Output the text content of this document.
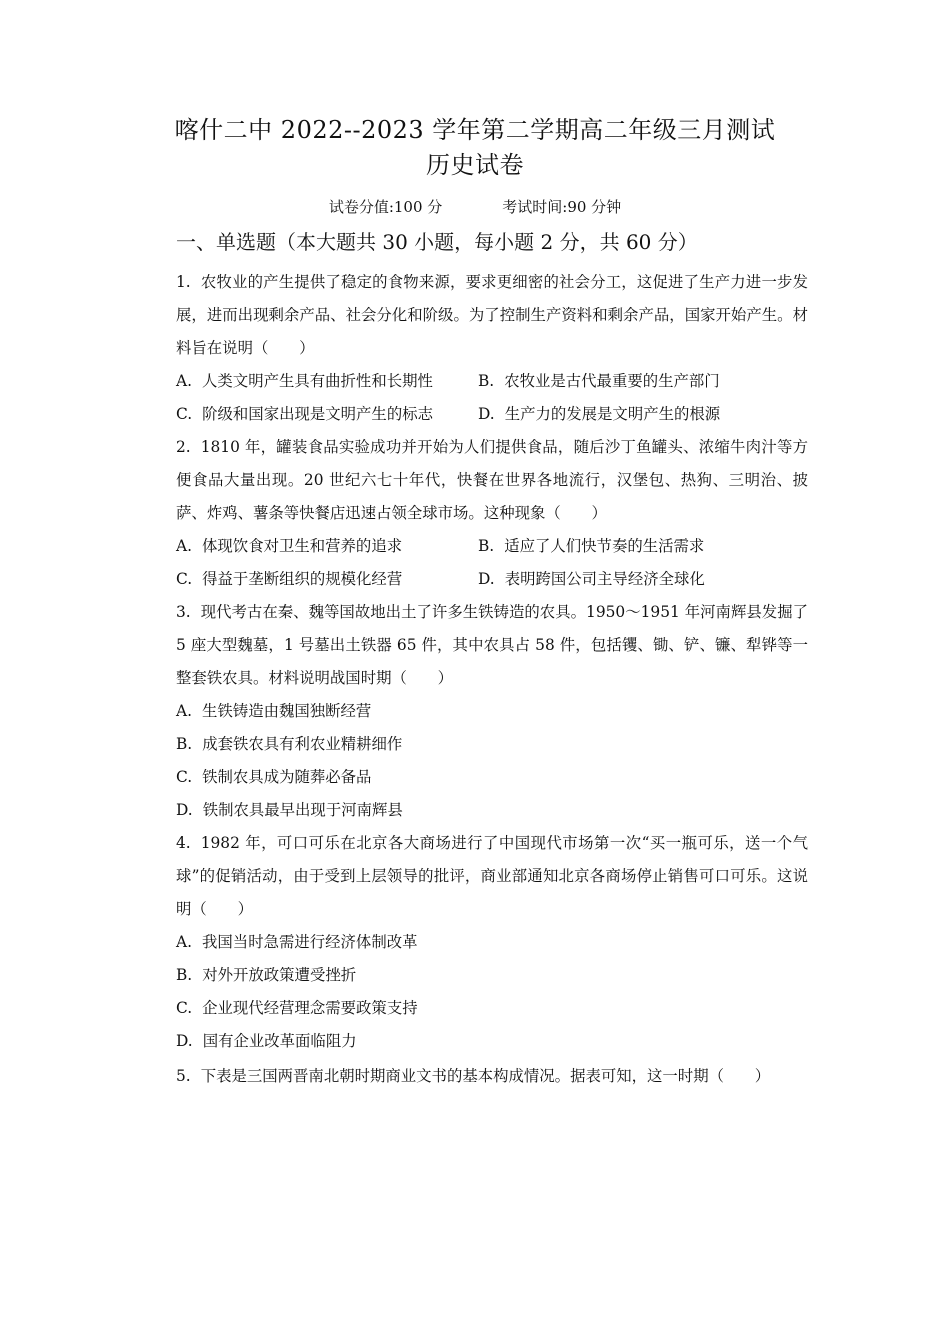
喀什二中 2022--2023 学年第二学期高二年级三月测试
历史试卷
试卷分值:100 分	考试时间:90 分钟
一、单选题（本大题共 30 小题，每小题 2 分，共 60 分）
1. 农牧业的产生提供了稳定的食物来源，要求更细密的社会分工，这促进了生产力进一步发展，进而出现剩余产品、社会分化和阶级。为了控制生产资料和剩余产品，国家开始产生。材料旨在说明（　　）
A. 人类文明产生具有曲折性和长期性	B. 农牧业是古代最重要的生产部门
C. 阶级和国家出现是文明产生的标志	D. 生产力的发展是文明产生的根源
2. 1810 年，罐装食品实验成功并开始为人们提供食品，随后沙丁鱼罐头、浓缩牛肉汁等方便食品大量出现。20 世纪六七十年代，快餐在世界各地流行，汉堡包、热狗、三明治、披萨、炸鸡、薯条等快餐店迅速占领全球市场。这种现象（　　）
A. 体现饮食对卫生和营养的追求	B. 适应了人们快节奏的生活需求
C. 得益于垄断组织的规模化经营	D. 表明跨国公司主导经济全球化
3. 现代考古在秦、魏等国故地出土了许多生铁铸造的农具。1950～1951 年河南辉县发掘了 5 座大型魏墓，1 号墓出土铁器 65 件，其中农具占 58 件，包括䦆、锄、铲、镰、犁铧等一整套铁农具。材料说明战国时期（　　）
A. 生铁铸造由魏国独断经营
B. 成套铁农具有利农业精耕细作
C. 铁制农具成为随葬必备品
D. 铁制农具最早出现于河南辉县
4. 1982 年，可口可乐在北京各大商场进行了中国现代市场第一次“买一瓶可乐，送一个气球”的促销活动，由于受到上层领导的批评，商业部通知北京各商场停止销售可口可乐。这说明（　　）
A. 我国当时急需进行经济体制改革
B. 对外开放政策遭受挫折
C. 企业现代经营理念需要政策支持
D. 国有企业改革面临阻力
5. 下表是三国两晋南北朝时期商业文书的基本构成情况。据表可知，这一时期（　　）
